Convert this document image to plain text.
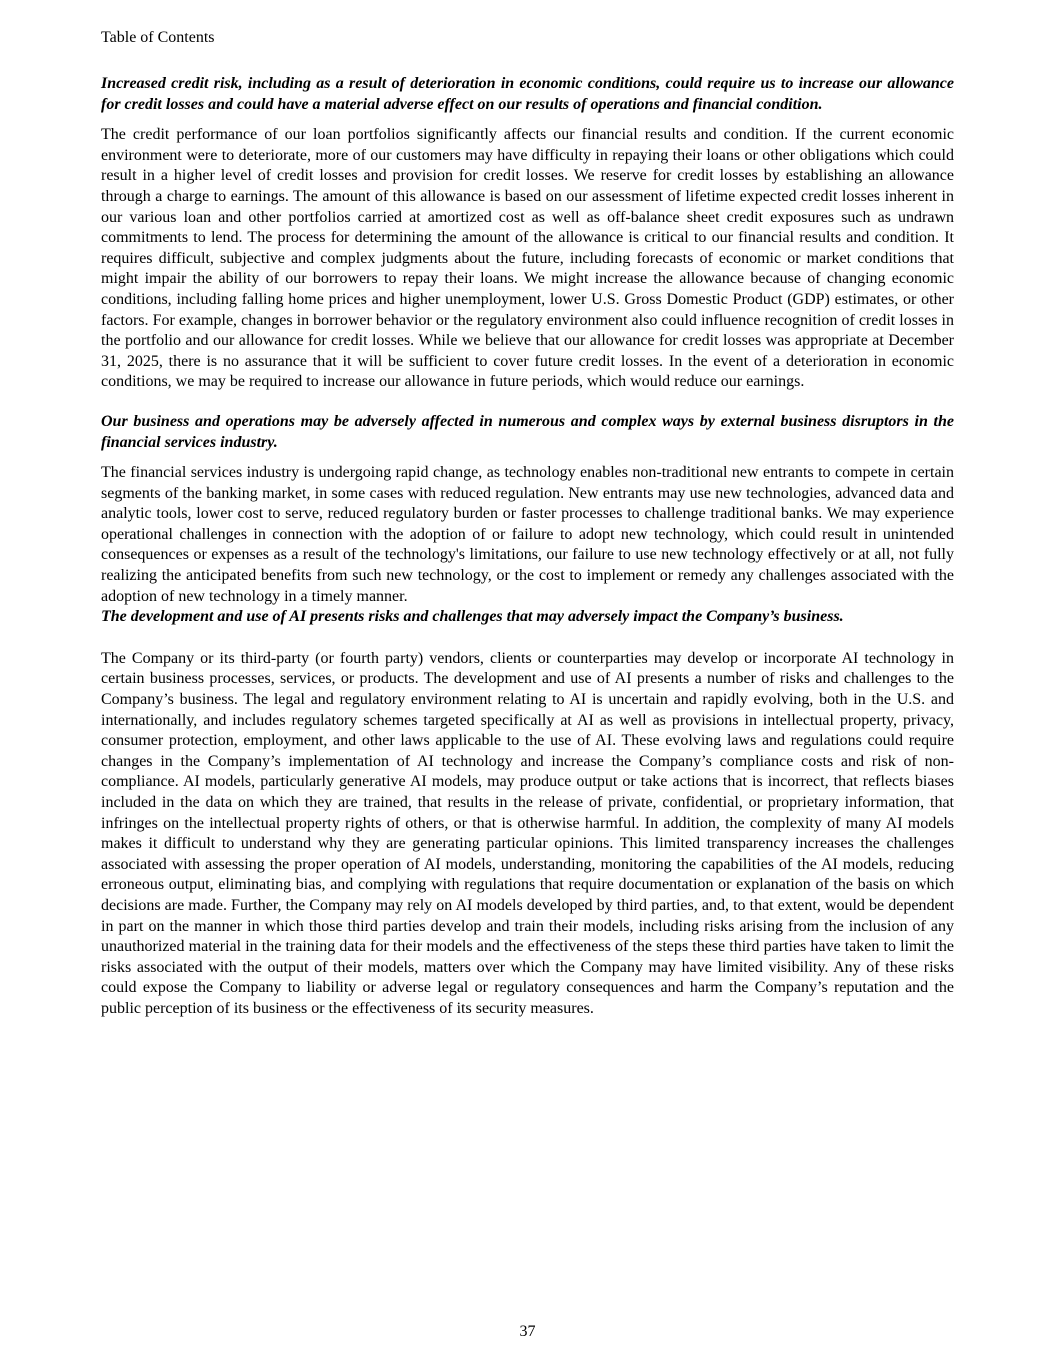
Table of Contents

Increased credit risk, including as a result of deterioration in economic conditions, could require us to increase our allowance for credit losses and could have a material adverse effect on our results of operations and financial condition.

The credit performance of our loan portfolios significantly affects our financial results and condition. If the current economic environment were to deteriorate, more of our customers may have difficulty in repaying their loans or other obligations which could result in a higher level of credit losses and provision for credit losses. We reserve for credit losses by establishing an allowance through a charge to earnings. The amount of this allowance is based on our assessment of lifetime expected credit losses inherent in our various loan and other portfolios carried at amortized cost as well as off-balance sheet credit exposures such as undrawn commitments to lend. The process for determining the amount of the allowance is critical to our financial results and condition. It requires difficult, subjective and complex judgments about the future, including forecasts of economic or market conditions that might impair the ability of our borrowers to repay their loans. We might increase the allowance because of changing economic conditions, including falling home prices and higher unemployment, lower U.S. Gross Domestic Product (GDP) estimates, or other factors. For example, changes in borrower behavior or the regulatory environment also could influence recognition of credit losses in the portfolio and our allowance for credit losses. While we believe that our allowance for credit losses was appropriate at December 31, 2025, there is no assurance that it will be sufficient to cover future credit losses. In the event of a deterioration in economic conditions, we may be required to increase our allowance in future periods, which would reduce our earnings.

Our business and operations may be adversely affected in numerous and complex ways by external business disruptors in the financial services industry.

The financial services industry is undergoing rapid change, as technology enables non-traditional new entrants to compete in certain segments of the banking market, in some cases with reduced regulation. New entrants may use new technologies, advanced data and analytic tools, lower cost to serve, reduced regulatory burden or faster processes to challenge traditional banks. We may experience operational challenges in connection with the adoption of or failure to adopt new technology, which could result in unintended consequences or expenses as a result of the technology's limitations, our failure to use new technology effectively or at all, not fully realizing the anticipated benefits from such new technology, or the cost to implement or remedy any challenges associated with the adoption of new technology in a timely manner.

The development and use of AI presents risks and challenges that may adversely impact the Company’s business.

The Company or its third-party (or fourth party) vendors, clients or counterparties may develop or incorporate AI technology in certain business processes, services, or products. The development and use of AI presents a number of risks and challenges to the Company’s business. The legal and regulatory environment relating to AI is uncertain and rapidly evolving, both in the U.S. and internationally, and includes regulatory schemes targeted specifically at AI as well as provisions in intellectual property, privacy, consumer protection, employment, and other laws applicable to the use of AI. These evolving laws and regulations could require changes in the Company’s implementation of AI technology and increase the Company’s compliance costs and risk of non-compliance. AI models, particularly generative AI models, may produce output or take actions that is incorrect, that reflects biases included in the data on which they are trained, that results in the release of private, confidential, or proprietary information, that infringes on the intellectual property rights of others, or that is otherwise harmful. In addition, the complexity of many AI models makes it difficult to understand why they are generating particular opinions. This limited transparency increases the challenges associated with assessing the proper operation of AI models, understanding, monitoring the capabilities of the AI models, reducing erroneous output, eliminating bias, and complying with regulations that require documentation or explanation of the basis on which decisions are made. Further, the Company may rely on AI models developed by third parties, and, to that extent, would be dependent in part on the manner in which those third parties develop and train their models, including risks arising from the inclusion of any unauthorized material in the training data for their models and the effectiveness of the steps these third parties have taken to limit the risks associated with the output of their models, matters over which the Company may have limited visibility. Any of these risks could expose the Company to liability or adverse legal or regulatory consequences and harm the Company’s reputation and the public perception of its business or the effectiveness of its security measures.

37
